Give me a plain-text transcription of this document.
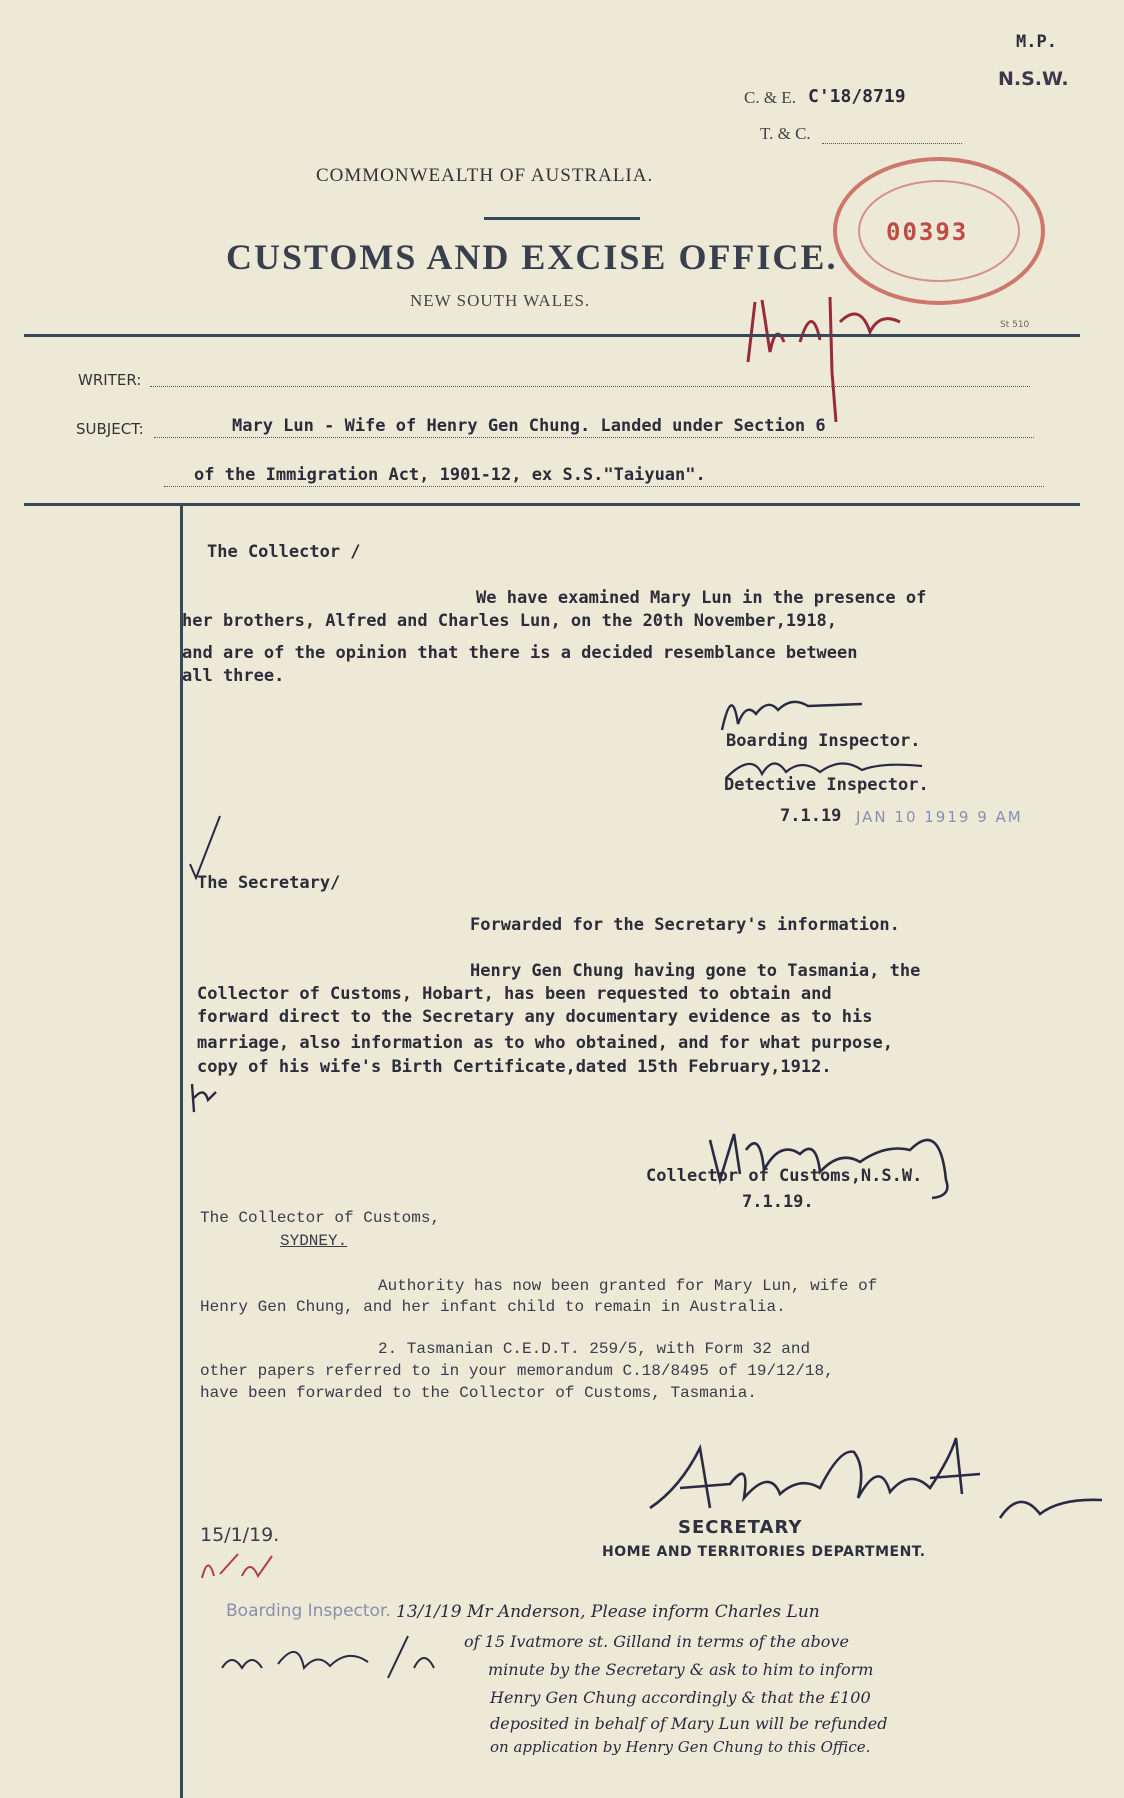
M.P.
N.S.W.
C. & E. C'18/8719
T. & C.
COMMONWEALTH OF AUSTRALIA.
CUSTOMS AND EXCISE OFFICE.
NEW SOUTH WALES.
00393
St 510
WRITER:
SUBJECT:	Mary Lun - Wife of Henry Gen Chung. Landed under Section 6
of the Immigration Act, 1901-12, ex S.S."Taiyuan".
The Collector /
We have examined Mary Lun in the presence of
her brothers, Alfred and Charles Lun, on the 20th November,1918,
and are of the opinion that there is a decided resemblance between
all three.
Boarding Inspector.
Detective Inspector.
7.1.19 JAN 10 1919 9 AM
The Secretary/
Forwarded for the Secretary's information.
Henry Gen Chung having gone to Tasmania, the
Collector of Customs, Hobart, has been requested to obtain and
forward direct to the Secretary any documentary evidence as to his
marriage, also information as to who obtained, and for what purpose,
copy of his wife's Birth Certificate,dated 15th February,1912.
Collector of Customs,N.S.W.
7.1.19.
The Collector of Customs,
SYDNEY.
Authority has now been granted for Mary Lun, wife of
Henry Gen Chung, and her infant child to remain in Australia.
2. Tasmanian C.E.D.T. 259/5, with Form 32 and
other papers referred to in your memorandum C.18/8495 of 19/12/18,
have been forwarded to the Collector of Customs, Tasmania.
15/1/19.	SECRETARY
HOME AND TERRITORIES DEPARTMENT.
Boarding Inspector. 13/1/19 Mr Anderson, Please inform Charles Lun
of 15 Ivatmore st. Gilland in terms of the above
minute by the Secretary & ask to him to inform
Henry Gen Chung accordingly & that the £100
deposited in behalf of Mary Lun will be refunded
on application by Henry Gen Chung to this Office.
